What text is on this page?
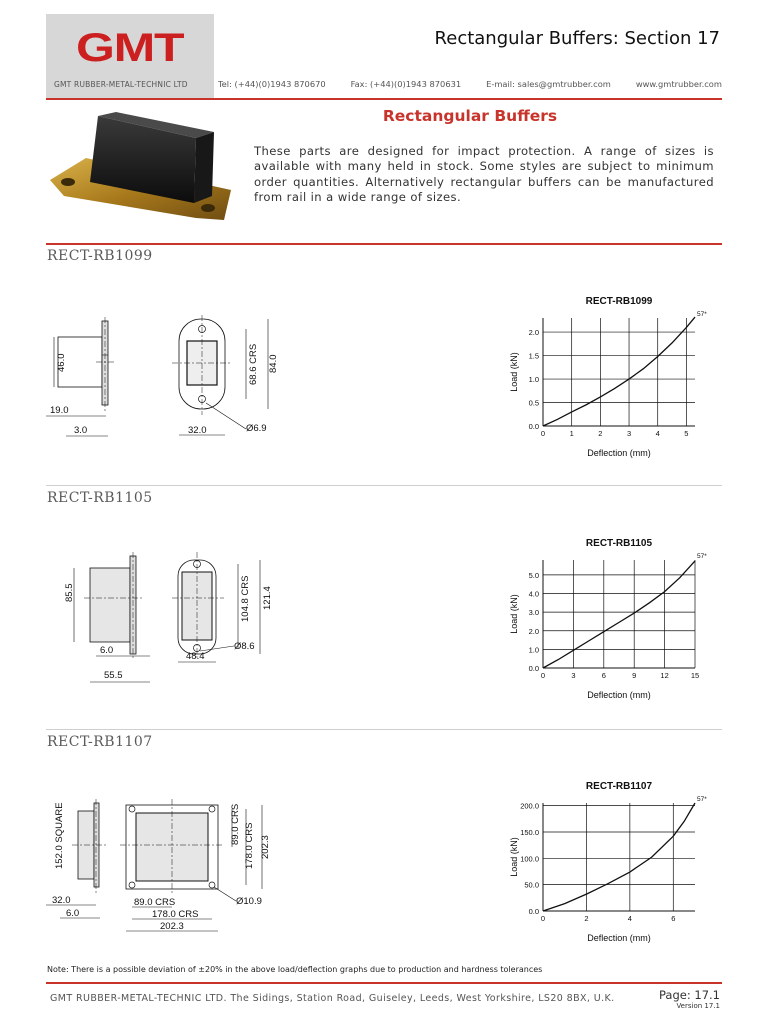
GMT
GMT RUBBER-METAL-TECHNIC LTD
Rectangular Buffers: Section 17
Tel: (+44)(0)1943 870670	Fax: (+44)(0)1943 870631	E-mail: sales@gmtrubber.com	www.gmtrubber.com
Rectangular Buffers
These parts are designed for impact protection. A range of sizes is available with many held in stock. Some styles are subject to minimum order quantities. Alternatively rectangular buffers can be manufactured from rail in a wide range of sizes.
RECT-RB1099
46.0
19.0
3.0
68.6 CRS 84.0
32.0	Ø6.9
RECT-RB1099
0	1	2	3	4	5
0.0
0.5
1.0
1.5
2.0
57*
Deflection (mm)
Load (kN)
RECT-RB1105
85.5
6.0
55.5
104.8 CRS 121.4
48.4
Ø8.6
RECT-RB1105
0	3	6	9	12	15
0.0
1.0
2.0
3.0
4.0
5.0
57*
Deflection (mm)
Load (kN)
RECT-RB1107
152.0 SQUARE
32.0
6.0
89.0 CRS 178.0 CRS 202.3
89.0 CRS
178.0 CRS
202.3
Ø10.9
RECT-RB1107
0	2	4	6
0.0
50.0
100.0
150.0
200.0
57*
Deflection (mm)
Load (kN)
Note: There is a possible deviation of ±20% in the above load/deflection graphs due to production and hardness tolerances
GMT RUBBER-METAL-TECHNIC LTD. The Sidings, Station Road, Guiseley, Leeds, West Yorkshire, LS20 8BX, U.K.	Page: 17.1
Version 17.1
